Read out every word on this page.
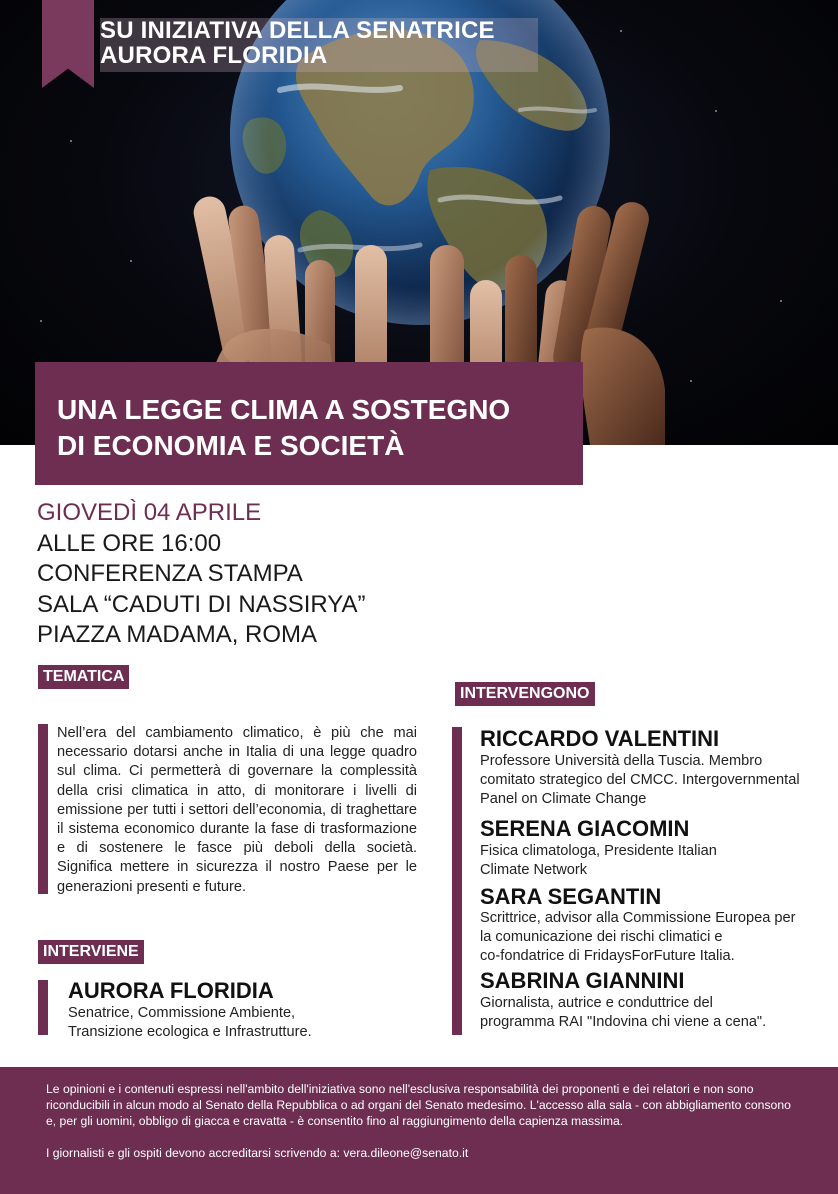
SU INIZIATIVA DELLA SENATRICE
AURORA FLORIDIA
UNA LEGGE CLIMA A SOSTEGNO
DI ECONOMIA E SOCIETÀ
GIOVEDÌ 04 APRILE
ALLE ORE 16:00
CONFERENZA STAMPA
SALA “CADUTI DI NASSIRYA”
PIAZZA MADAMA, ROMA
TEMATICA
Nell’era del cambiamento climatico, è più che mai necessario dotarsi anche in Italia di una legge quadro sul clima. Ci permetterà di governare la complessità della crisi climatica in atto, di monitorare i livelli di emissione per tutti i settori dell’economia, di traghettare il sistema economico durante la fase di trasformazione e di sostenere le fasce più deboli della società. Significa mettere in sicurezza il nostro Paese per le generazioni presenti e future.
INTERVIENE
AURORA FLORIDIA
Senatrice, Commissione Ambiente,
Transizione ecologica e Infrastrutture.
INTERVENGONO
RICCARDO VALENTINI
Professore Università della Tuscia. Membro
comitato strategico del CMCC. Intergovernmental
Panel on Climate Change
SERENA GIACOMIN
Fisica climatologa, Presidente Italian
Climate Network
SARA SEGANTIN
Scrittrice, advisor alla Commissione Europea per
la comunicazione dei rischi climatici e
co-fondatrice di FridaysForFuture Italia.
SABRINA GIANNINI
Giornalista, autrice e conduttrice del
programma RAI "Indovina chi viene a cena".
Le opinioni e i contenuti espressi nell'ambito dell'iniziativa sono nell'esclusiva responsabilità dei proponenti e dei relatori e non sono riconducibili in alcun modo al Senato della Repubblica o ad organi del Senato medesimo. L'accesso alla sala - con abbigliamento consono e, per gli uomini, obbligo di giacca e cravatta - è consentito fino al raggiungimento della capienza massima.
I giornalisti e gli ospiti devono accreditarsi scrivendo a: vera.dileone@senato.it
